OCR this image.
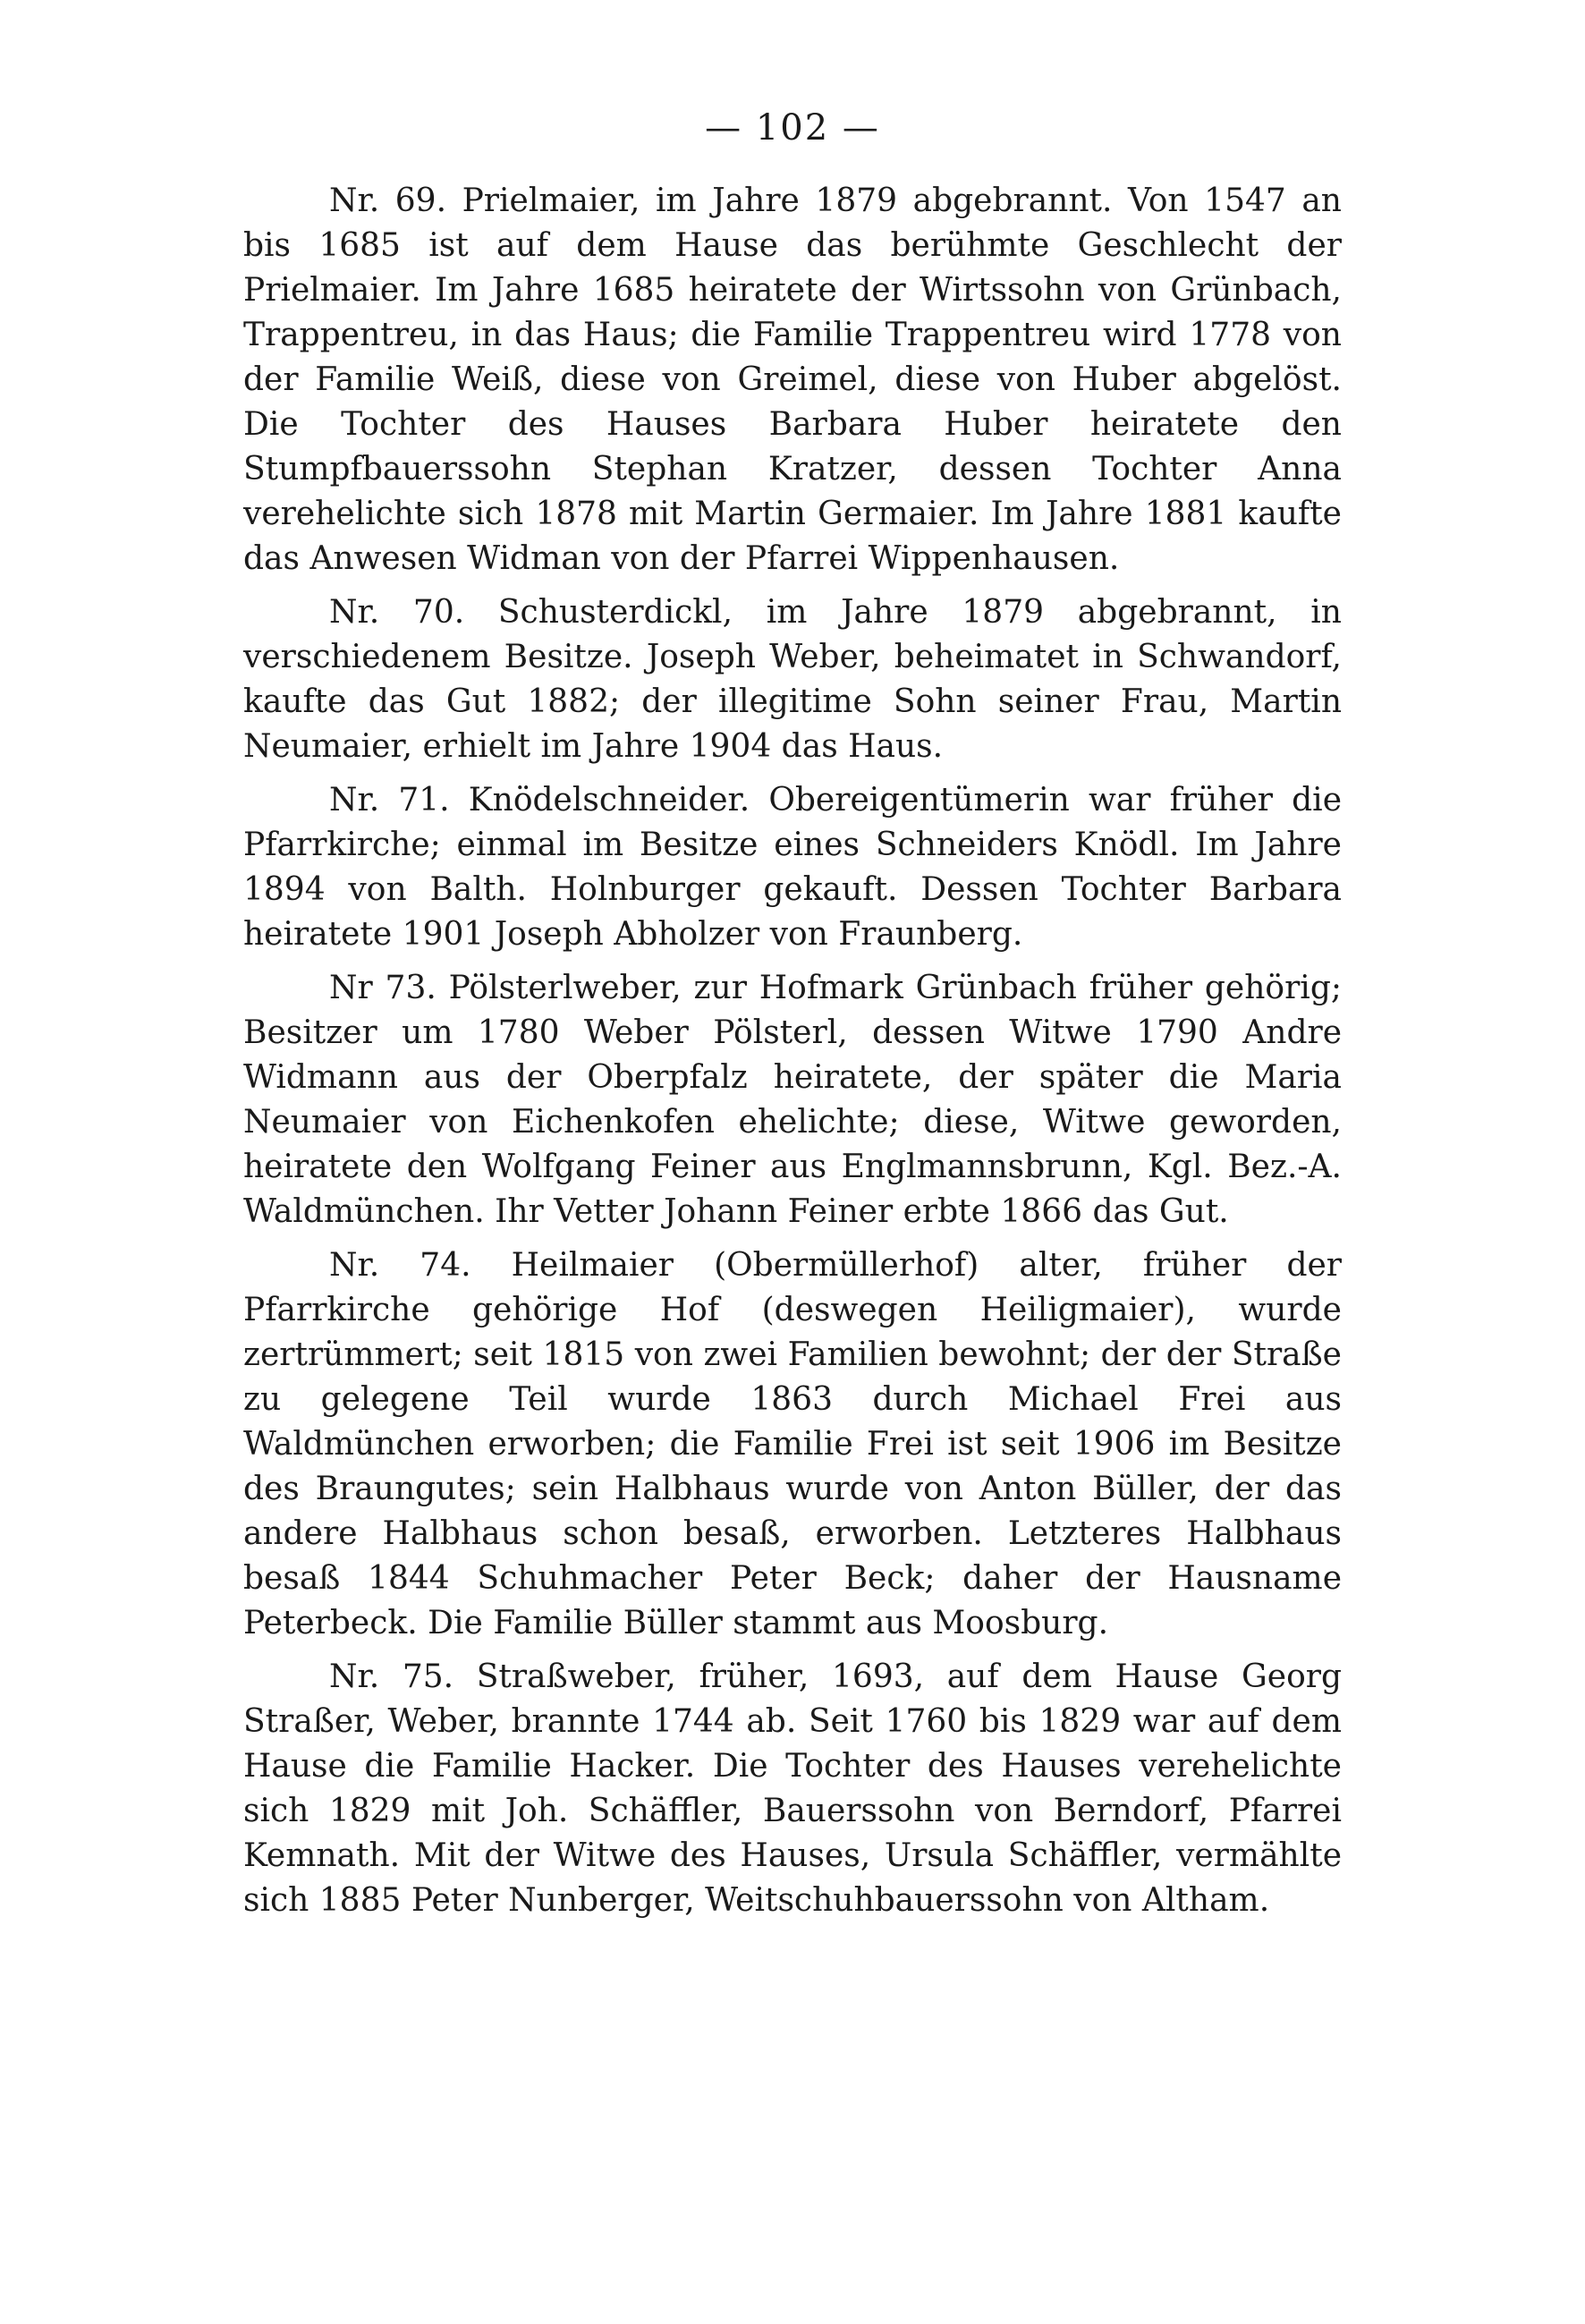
— 102 —

Nr. 69. Prielmaier, im Jahre 1879 abgebrannt. Von 1547 an bis 1685 ist auf dem Hause das berühmte Geschlecht der Prielmaier. Im Jahre 1685 heiratete der Wirtssohn von Grünbach, Trappentreu, in das Haus; die Familie Trappentreu wird 1778 von der Familie Weiß, diese von Greimel, diese von Huber abgelöst. Die Tochter des Hauses Barbara Huber heiratete den Stumpfbauerssohn Stephan Kratzer, dessen Tochter Anna verehelichte sich 1878 mit Martin Germaier. Im Jahre 1881 kaufte das Anwesen Widman von der Pfarrei Wippenhausen.

Nr. 70. Schusterdickl, im Jahre 1879 abgebrannt, in verschiedenem Besitze. Joseph Weber, beheimatet in Schwandorf, kaufte das Gut 1882; der illegitime Sohn seiner Frau, Martin Neumaier, erhielt im Jahre 1904 das Haus.

Nr. 71. Knödelschneider. Obereigentümerin war früher die Pfarrkirche; einmal im Besitze eines Schneiders Knödl. Im Jahre 1894 von Balth. Holnburger gekauft. Dessen Tochter Barbara heiratete 1901 Joseph Abholzer von Fraunberg.

Nr 73. Pölsterlweber, zur Hofmark Grünbach früher gehörig; Besitzer um 1780 Weber Pölsterl, dessen Witwe 1790 Andre Widmann aus der Oberpfalz heiratete, der später die Maria Neumaier von Eichenkofen ehelichte; diese, Witwe geworden, heiratete den Wolfgang Feiner aus Englmannsbrunn, Kgl. Bez.-A. Waldmünchen. Ihr Vetter Johann Feiner erbte 1866 das Gut.

Nr. 74. Heilmaier (Obermüllerhof) alter, früher der Pfarrkirche gehörige Hof (deswegen Heiligmaier), wurde zertrümmert; seit 1815 von zwei Familien bewohnt; der der Straße zu gelegene Teil wurde 1863 durch Michael Frei aus Waldmünchen erworben; die Familie Frei ist seit 1906 im Besitze des Braungutes; sein Halbhaus wurde von Anton Büller, der das andere Halbhaus schon besaß, erworben. Letzteres Halbhaus besaß 1844 Schuhmacher Peter Beck; daher der Hausname Peterbeck. Die Familie Büller stammt aus Moosburg.

Nr. 75. Straßweber, früher, 1693, auf dem Hause Georg Straßer, Weber, brannte 1744 ab. Seit 1760 bis 1829 war auf dem Hause die Familie Hacker. Die Tochter des Hauses verehelichte sich 1829 mit Joh. Schäffler, Bauerssohn von Berndorf, Pfarrei Kemnath. Mit der Witwe des Hauses, Ursula Schäffler, vermählte sich 1885 Peter Nunberger, Weitschuhbauerssohn von Altham.
